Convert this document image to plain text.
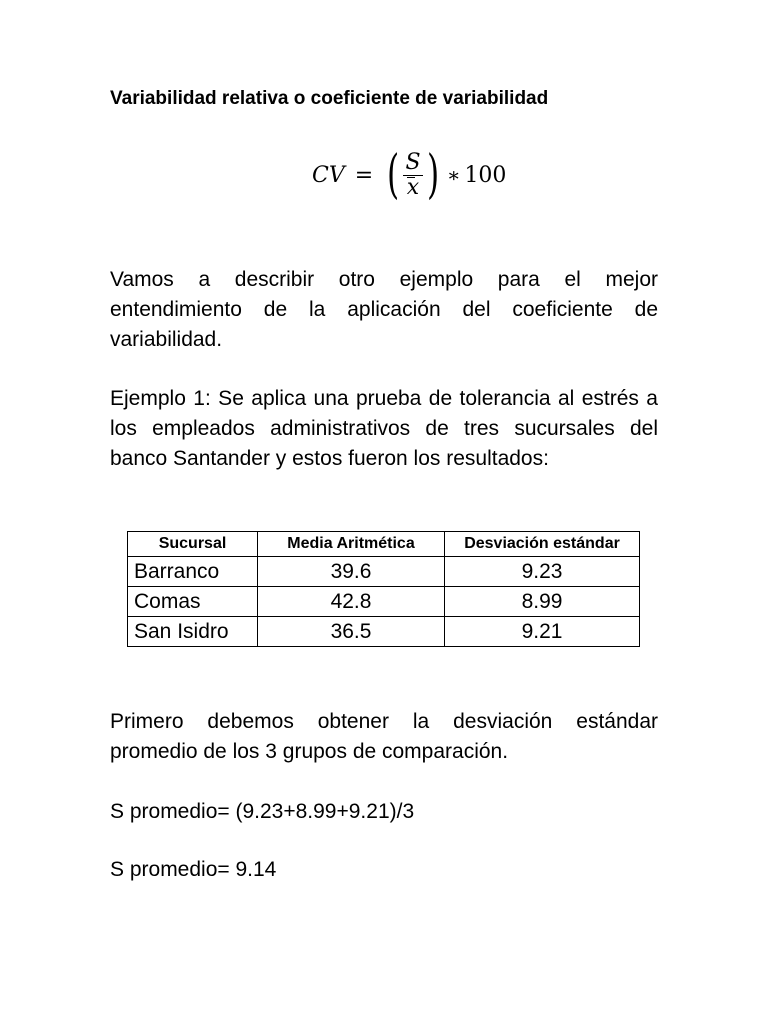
Variabilidad relativa o coeficiente de variabilidad
CV = ( $\frac{S}{x}$ ) ∗ 100

Vamos a describir otro ejemplo para el mejor entendimiento de la aplicación del coeficiente de variabilidad.

Ejemplo 1: Se aplica una prueba de tolerancia al estrés a los empleados administrativos de tres sucursales del banco Santander y estos fueron los resultados:

Primero debemos obtener la desviación estándar promedio de los 3 grupos de comparación.

S promedio= (9.23+8.99+9.21)/3
S promedio= 9.14
Sucursal	Media Aritmética	Desviación estándar
Barranco	39.6	9.23
Comas	42.8	8.99
San Isidro	36.5	9.21
